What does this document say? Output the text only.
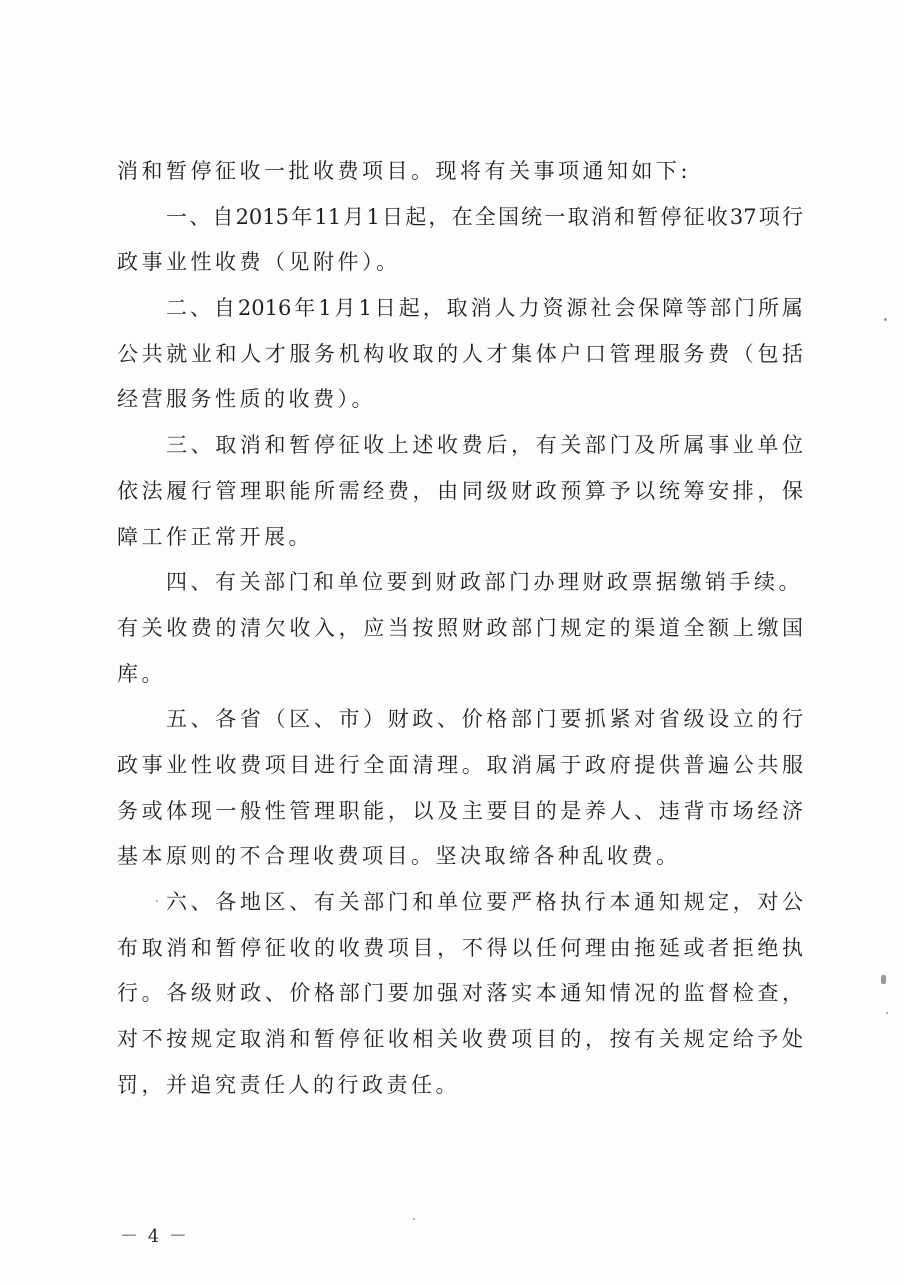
消和暂停征收一批收费项目。现将有关事项通知如下:
一、自2015年11月1日起，在全国统一取消和暂停征收37项行
政事业性收费（见附件）。
二、自2016年1月1日起，取消人力资源社会保障等部门所属
公共就业和人才服务机构收取的人才集体户口管理服务费（包括
经营服务性质的收费）。
三、取消和暂停征收上述收费后，有关部门及所属事业单位
依法履行管理职能所需经费，由同级财政预算予以统筹安排，保
障工作正常开展。
四、有关部门和单位要到财政部门办理财政票据缴销手续。
有关收费的清欠收入，应当按照财政部门规定的渠道全额上缴国
库。
五、各省（区、市）财政、价格部门要抓紧对省级设立的行
政事业性收费项目进行全面清理。取消属于政府提供普遍公共服
务或体现一般性管理职能，以及主要目的是养人、违背市场经济
基本原则的不合理收费项目。坚决取缔各种乱收费。
六、各地区、有关部门和单位要严格执行本通知规定，对公
布取消和暂停征收的收费项目，不得以任何理由拖延或者拒绝执
行。各级财政、价格部门要加强对落实本通知情况的监督检查，
对不按规定取消和暂停征收相关收费项目的，按有关规定给予处
罚，并追究责任人的行政责任。
－ 4 －
